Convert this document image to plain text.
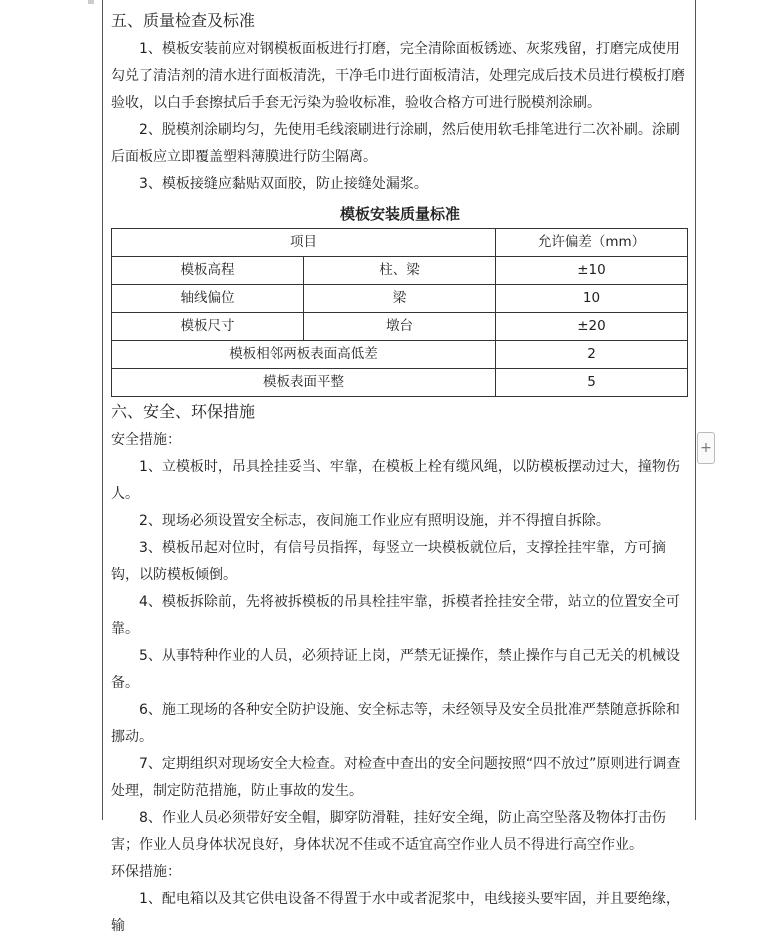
五、质量检查及标准

1、模板安装前应对钢模板面板进行打磨，完全清除面板锈迹、灰浆残留，打磨完成使用勾兑了清洁剂的清水进行面板清洗，干净毛巾进行面板清洁，处理完成后技术员进行模板打磨验收，以白手套擦拭后手套无污染为验收标准，验收合格方可进行脱模剂涂刷。

2、脱模剂涂刷均匀，先使用毛线滚刷进行涂刷，然后使用软毛排笔进行二次补刷。涂刷后面板应立即覆盖塑料薄膜进行防尘隔离。

3、模板接缝应黏贴双面胶，防止接缝处漏浆。

模板安装质量标准
项目		允许偏差（mm）
模板高程	柱、梁	±10
轴线偏位	梁	10
模板尺寸	墩台	±20
模板相邻两板表面高低差		2
模板表面平整		5
六、安全、环保措施

安全措施：

1、立模板时，吊具拴挂妥当、牢靠，在模板上栓有缆风绳，以防模板摆动过大，撞物伤人。

2、现场必须设置安全标志，夜间施工作业应有照明设施，并不得擅自拆除。

3、模板吊起对位时，有信号员指挥，每竖立一块模板就位后，支撑拴挂牢靠，方可摘钩，以防模板倾倒。

4、模板拆除前，先将被拆模板的吊具栓挂牢靠，拆模者拴挂安全带，站立的位置安全可靠。

5、从事特种作业的人员，必须持证上岗，严禁无证操作，禁止操作与自己无关的机械设备。

6、施工现场的各种安全防护设施、安全标志等，未经领导及安全员批准严禁随意拆除和挪动。

7、定期组织对现场安全大检查。对检查中查出的安全问题按照“四不放过”原则进行调查处理，制定防范措施，防止事故的发生。

8、作业人员必须带好安全帽，脚穿防滑鞋，挂好安全绳，防止高空坠落及物体打击伤害；作业人员身体状况良好，身体状况不佳或不适宜高空作业人员不得进行高空作业。

环保措施：

1、配电箱以及其它供电设备不得置于水中或者泥浆中，电线接头要牢固，并且要绝缘，输

+
